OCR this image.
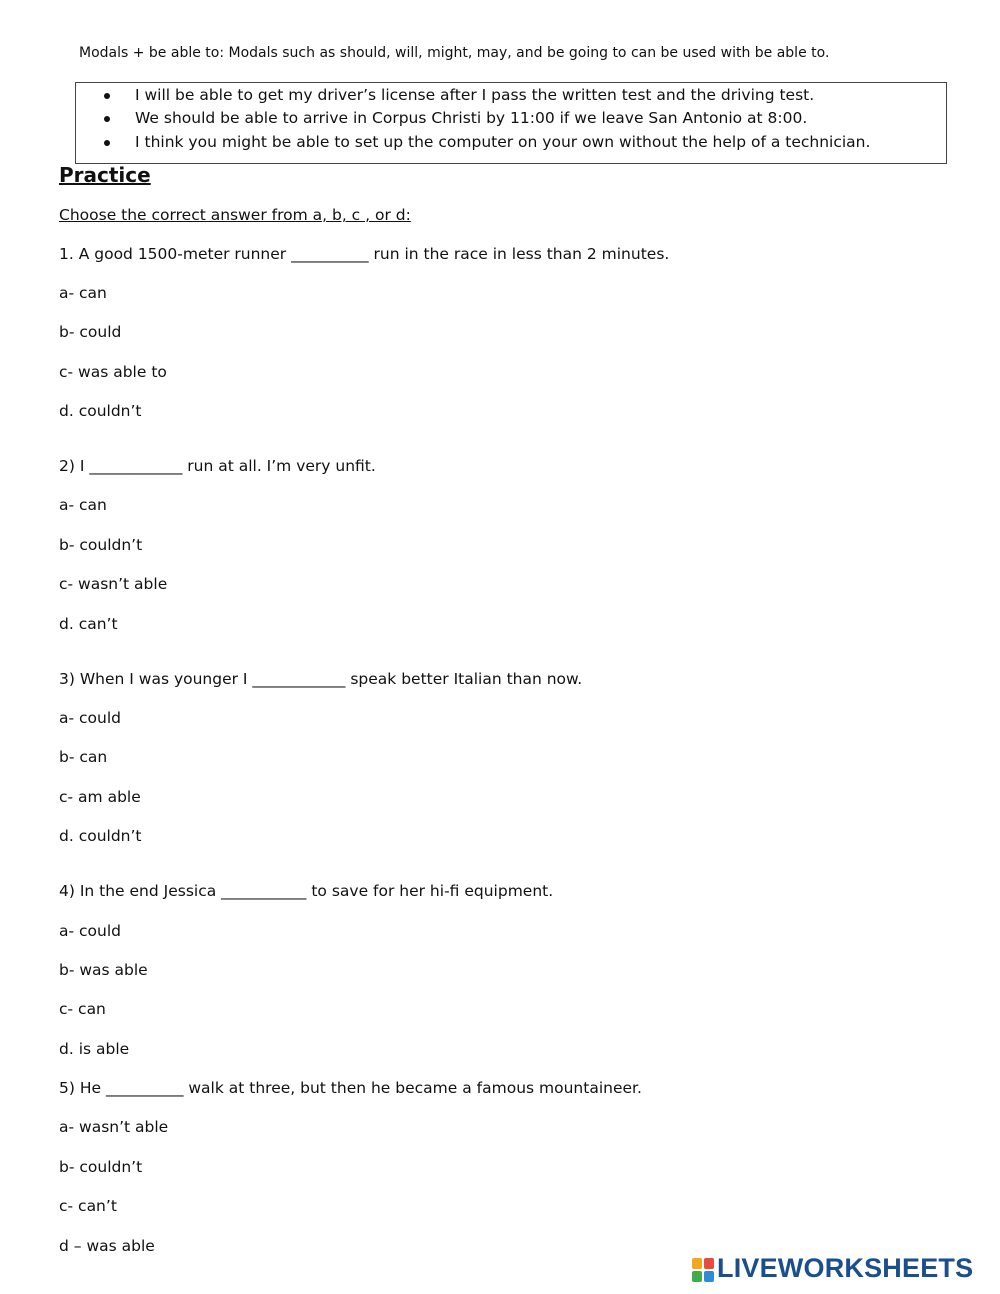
Modals + be able to: Modals such as should, will, might, may, and be going to can be used with be able to.
I will be able to get my driver’s license after I pass the written test and the driving test.
We should be able to arrive in Corpus Christi by 11:00 if we leave San Antonio at 8:00.
I think you might be able to set up the computer on your own without the help of a technician.
Practice
Choose the correct answer from a, b, c , or d:
1. A good 1500-meter runner __________ run in the race in less than 2 minutes.
a- can
b- could
c- was able to
d. couldn’t
2) I ____________ run at all. I’m very unfit.
a- can
b- couldn’t
c- wasn’t able
d. can’t
3) When I was younger I ____________ speak better Italian than now.
a- could
b- can
c- am able
d. couldn’t
4) In the end Jessica ___________ to save for her hi-fi equipment.
a- could
b- was able
c- can
d. is able
5) He __________ walk at three, but then he became a famous mountaineer.
a- wasn’t able
b- couldn’t
c- can’t
d – was able
LIVEWORKSHEETS
